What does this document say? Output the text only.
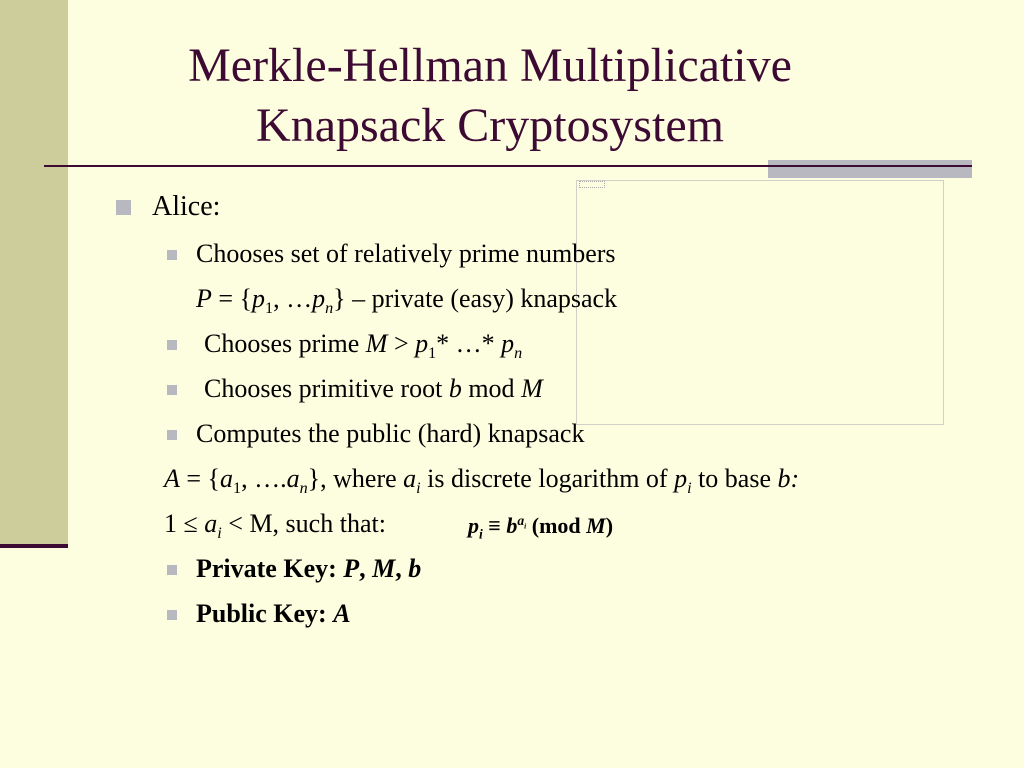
Merkle-Hellman Multiplicative
Knapsack Cryptosystem
Alice:
Chooses set of relatively prime numbers
$P = \{p_1$, $\dots p_n$} – private (easy) knapsack
Chooses prime $M > p_1*$ …* $p_n$
Chooses primitive root b mod M
Computes the public (hard) knapsack
$A = \{a_1$, $\dots.a_n$}, where $a_i$ is discrete logarithm of $p_i$ to base b:
$1 \le a_i < M$, such that:	$p_i \equiv b^{a_i}$ (mod M)
Private Key: P, M, b
Public Key: A
